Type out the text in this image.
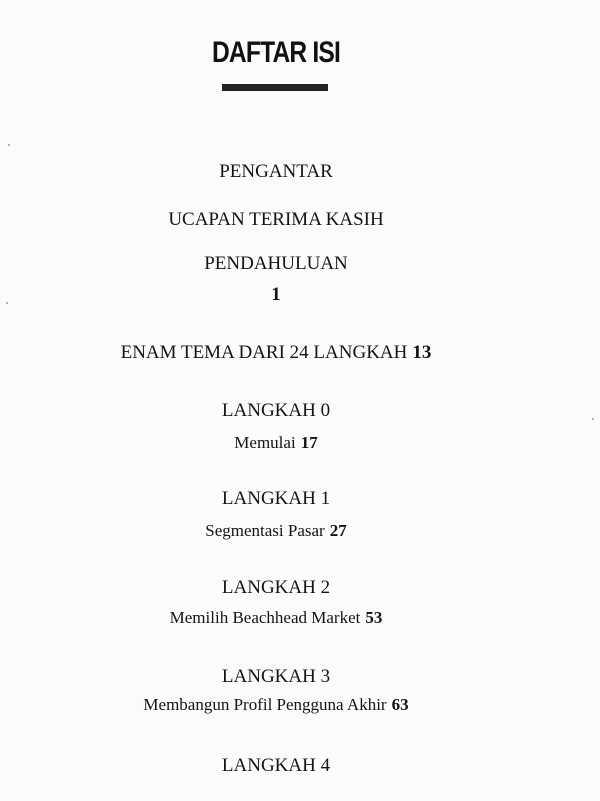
DAFTAR ISI
PENGANTAR
UCAPAN TERIMA KASIH
PENDAHULUAN
1
ENAM TEMA DARI 24 LANGKAH 13
LANGKAH 0
Memulai 17
LANGKAH 1
Segmentasi Pasar 27
LANGKAH 2
Memilih Beachhead Market 53
LANGKAH 3
Membangun Profil Pengguna Akhir 63
LANGKAH 4
